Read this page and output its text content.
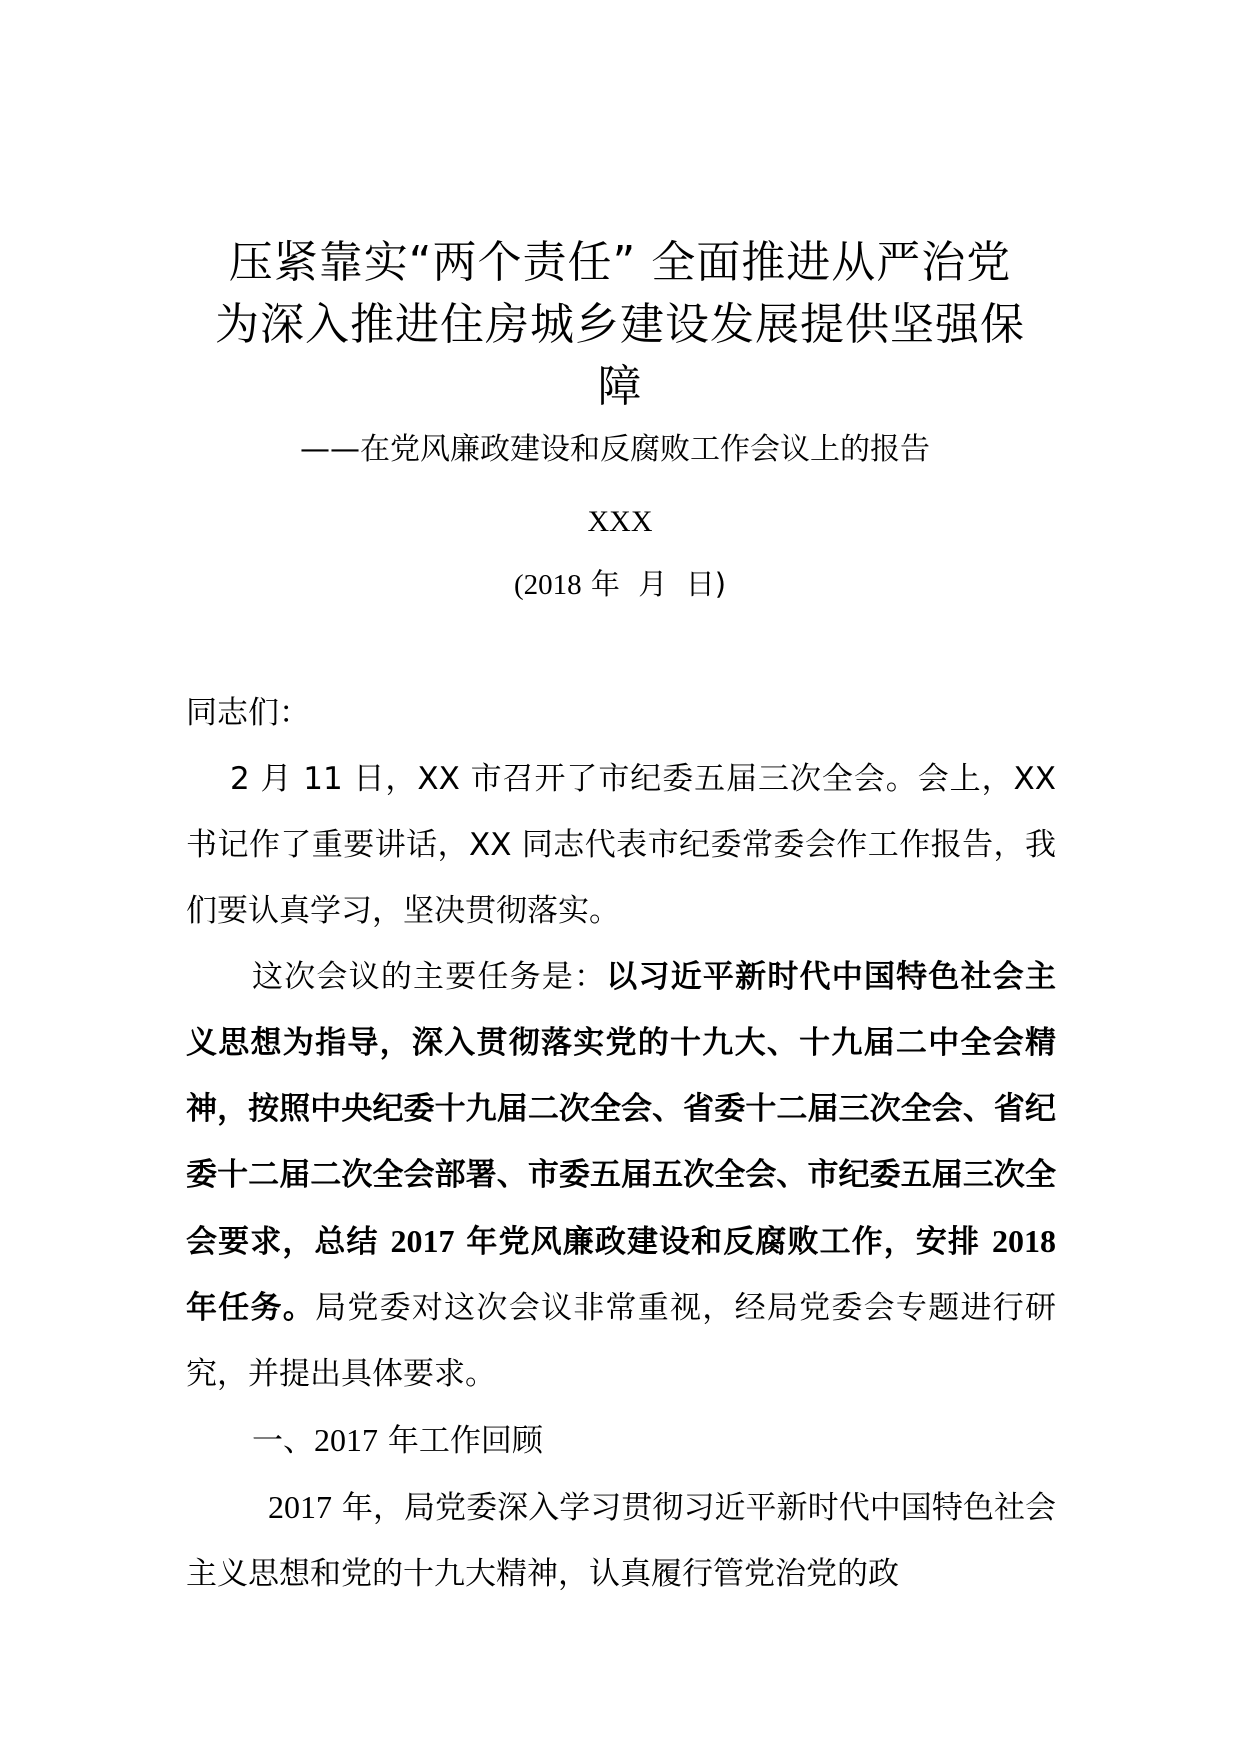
压紧靠实“两个责任” 全面推进从严治党
为深入推进住房城乡建设发展提供坚强保
障
——在党风廉政建设和反腐败工作会议上的报告
XXX
(2018 年  月  日)

同志们：

2 月 11 日，XX 市召开了市纪委五届三次全会。会上，XX 书记作了重要讲话，XX 同志代表市纪委常委会作工作报告，我们要认真学习，坚决贯彻落实。

这次会议的主要任务是：以习近平新时代中国特色社会主义思想为指导，深入贯彻落实党的十九大、十九届二中全会精神，按照中央纪委十九届二次全会、省委十二届三次全会、省纪委十二届二次全会部署、市委五届五次全会、市纪委五届三次全会要求，总结 2017 年党风廉政建设和反腐败工作，安排 2018 年任务。局党委对这次会议非常重视，经局党委会专题进行研究，并提出具体要求。

一、2017 年工作回顾

2017 年，局党委深入学习贯彻习近平新时代中国特色社会主义思想和党的十九大精神，认真履行管党治党的政
